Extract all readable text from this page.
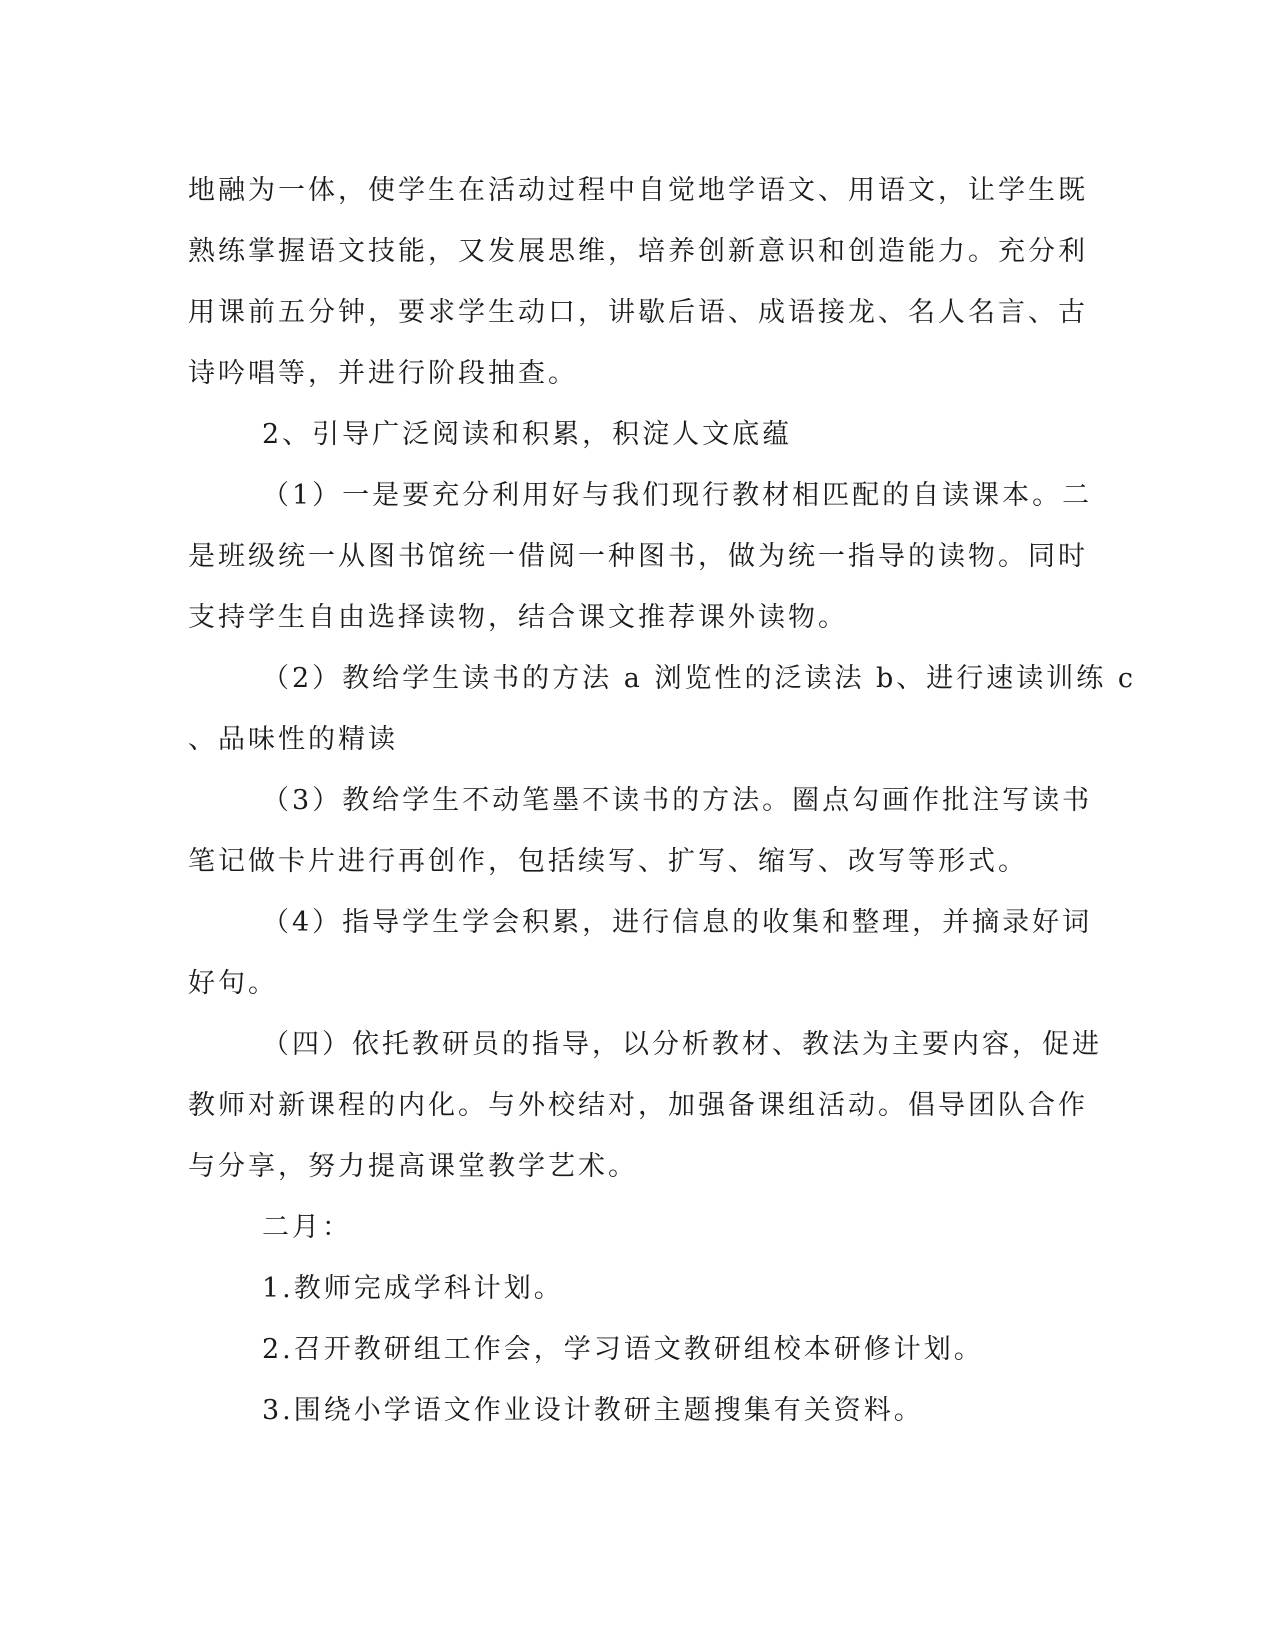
地融为一体，使学生在活动过程中自觉地学语文、用语文，让学生既
熟练掌握语文技能，又发展思维，培养创新意识和创造能力。充分利
用课前五分钟，要求学生动口，讲歇后语、成语接龙、名人名言、古
诗吟唱等，并进行阶段抽查。
2、引导广泛阅读和积累，积淀人文底蕴
（1）一是要充分利用好与我们现行教材相匹配的自读课本。二
是班级统一从图书馆统一借阅一种图书，做为统一指导的读物。同时
支持学生自由选择读物，结合课文推荐课外读物。
（2）教给学生读书的方法 a 浏览性的泛读法 b、进行速读训练 c
、品味性的精读
（3）教给学生不动笔墨不读书的方法。圈点勾画作批注写读书
笔记做卡片进行再创作，包括续写、扩写、缩写、改写等形式。
（4）指导学生学会积累，进行信息的收集和整理，并摘录好词
好句。
（四）依托教研员的指导，以分析教材、教法为主要内容，促进
教师对新课程的内化。与外校结对，加强备课组活动。倡导团队合作
与分享，努力提高课堂教学艺术。
二月：
1.教师完成学科计划。
2.召开教研组工作会，学习语文教研组校本研修计划。
3.围绕小学语文作业设计教研主题搜集有关资料。
